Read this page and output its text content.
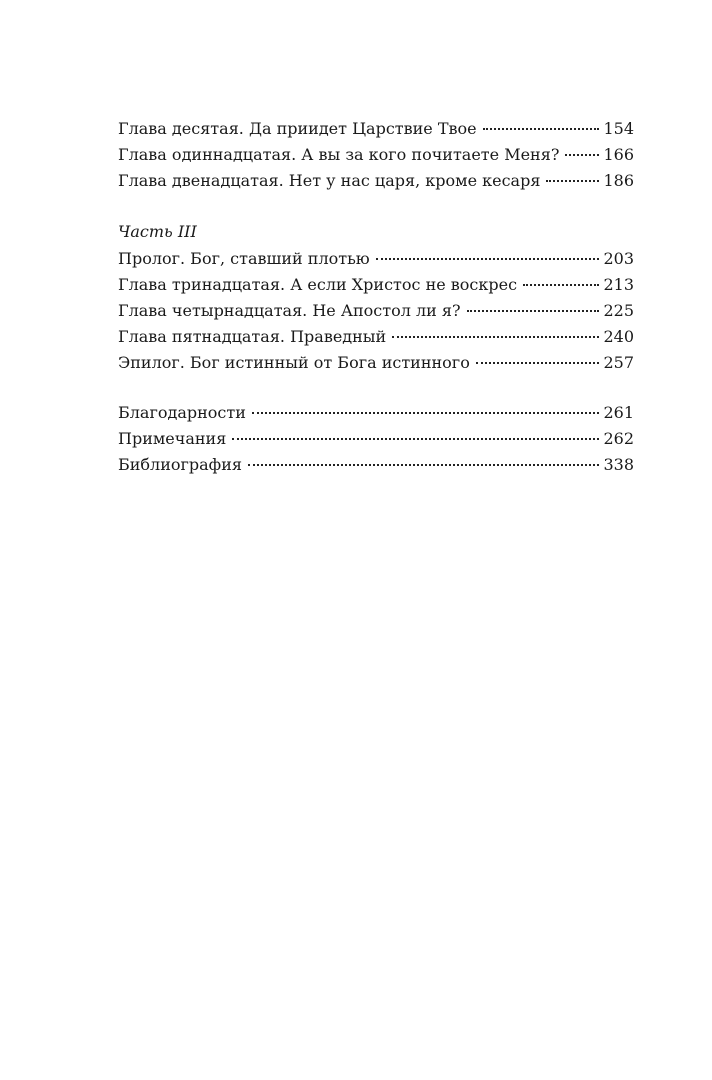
Глава десятая. Да приидет Царствие Твое	154
Глава одиннадцатая. А вы за кого почитаете Меня?	166
Глава двенадцатая. Нет у нас царя, кроме кесаря	186
Часть III
Пролог. Бог, ставший плотью	203
Глава тринадцатая. А если Христос не воскрес	213
Глава четырнадцатая. Не Апостол ли я?	225
Глава пятнадцатая. Праведный	240
Эпилог. Бог истинный от Бога истинного	257
Благодарности	261
Примечания	262
Библиография	338
